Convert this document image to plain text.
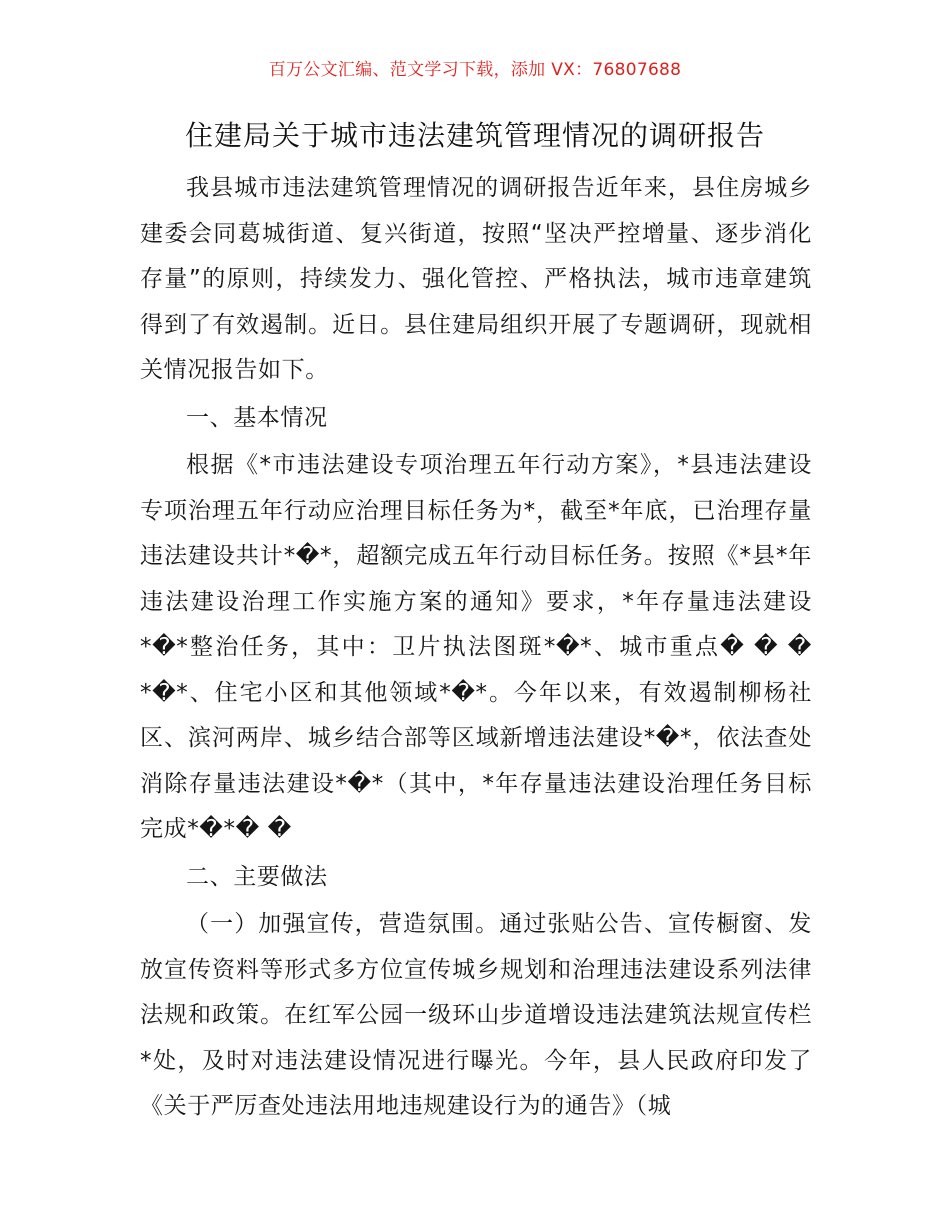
百万公文汇编、范文学习下载，添加 VX：76807688
住建局关于城市违法建筑管理情况的调研报告

我县城市违法建筑管理情况的调研报告近年来，县住房城乡建委会同葛城街道、复兴街道，按照“坚决严控增量、逐步消化存量”的原则，持续发力、强化管控、严格执法，城市违章建筑得到了有效遏制。近日。县住建局组织开展了专题调研，现就相关情况报告如下。

一、基本情况

根据《*市违法建设专项治理五年行动方案》，*县违法建设专项治理五年行动应治理目标任务为*，截至*年底，已治理存量违法建设共计*�*，超额完成五年行动目标任务。按照《*县*年违法建设治理工作实施方案的通知》要求，*年存量违法建设*�*整治任务，其中：卫片执法图斑*�*、城市重点� � � *�*、住宅小区和其他领域*�*。今年以来，有效遏制柳杨社区、滨河两岸、城乡结合部等区域新增违法建设*�*，依法查处消除存量违法建设*�*（其中，*年存量违法建设治理任务目标完成*�*� �

二、主要做法

（一）加强宣传，营造氛围。通过张贴公告、宣传橱窗、发放宣传资料等形式多方位宣传城乡规划和治理违法建设系列法律法规和政策。在红军公园一级环山步道增设违法建筑法规宣传栏*处，及时对违法建设情况进行曝光。今年，县人民政府印发了《关于严厉查处违法用地违规建设行为的通告》（城
